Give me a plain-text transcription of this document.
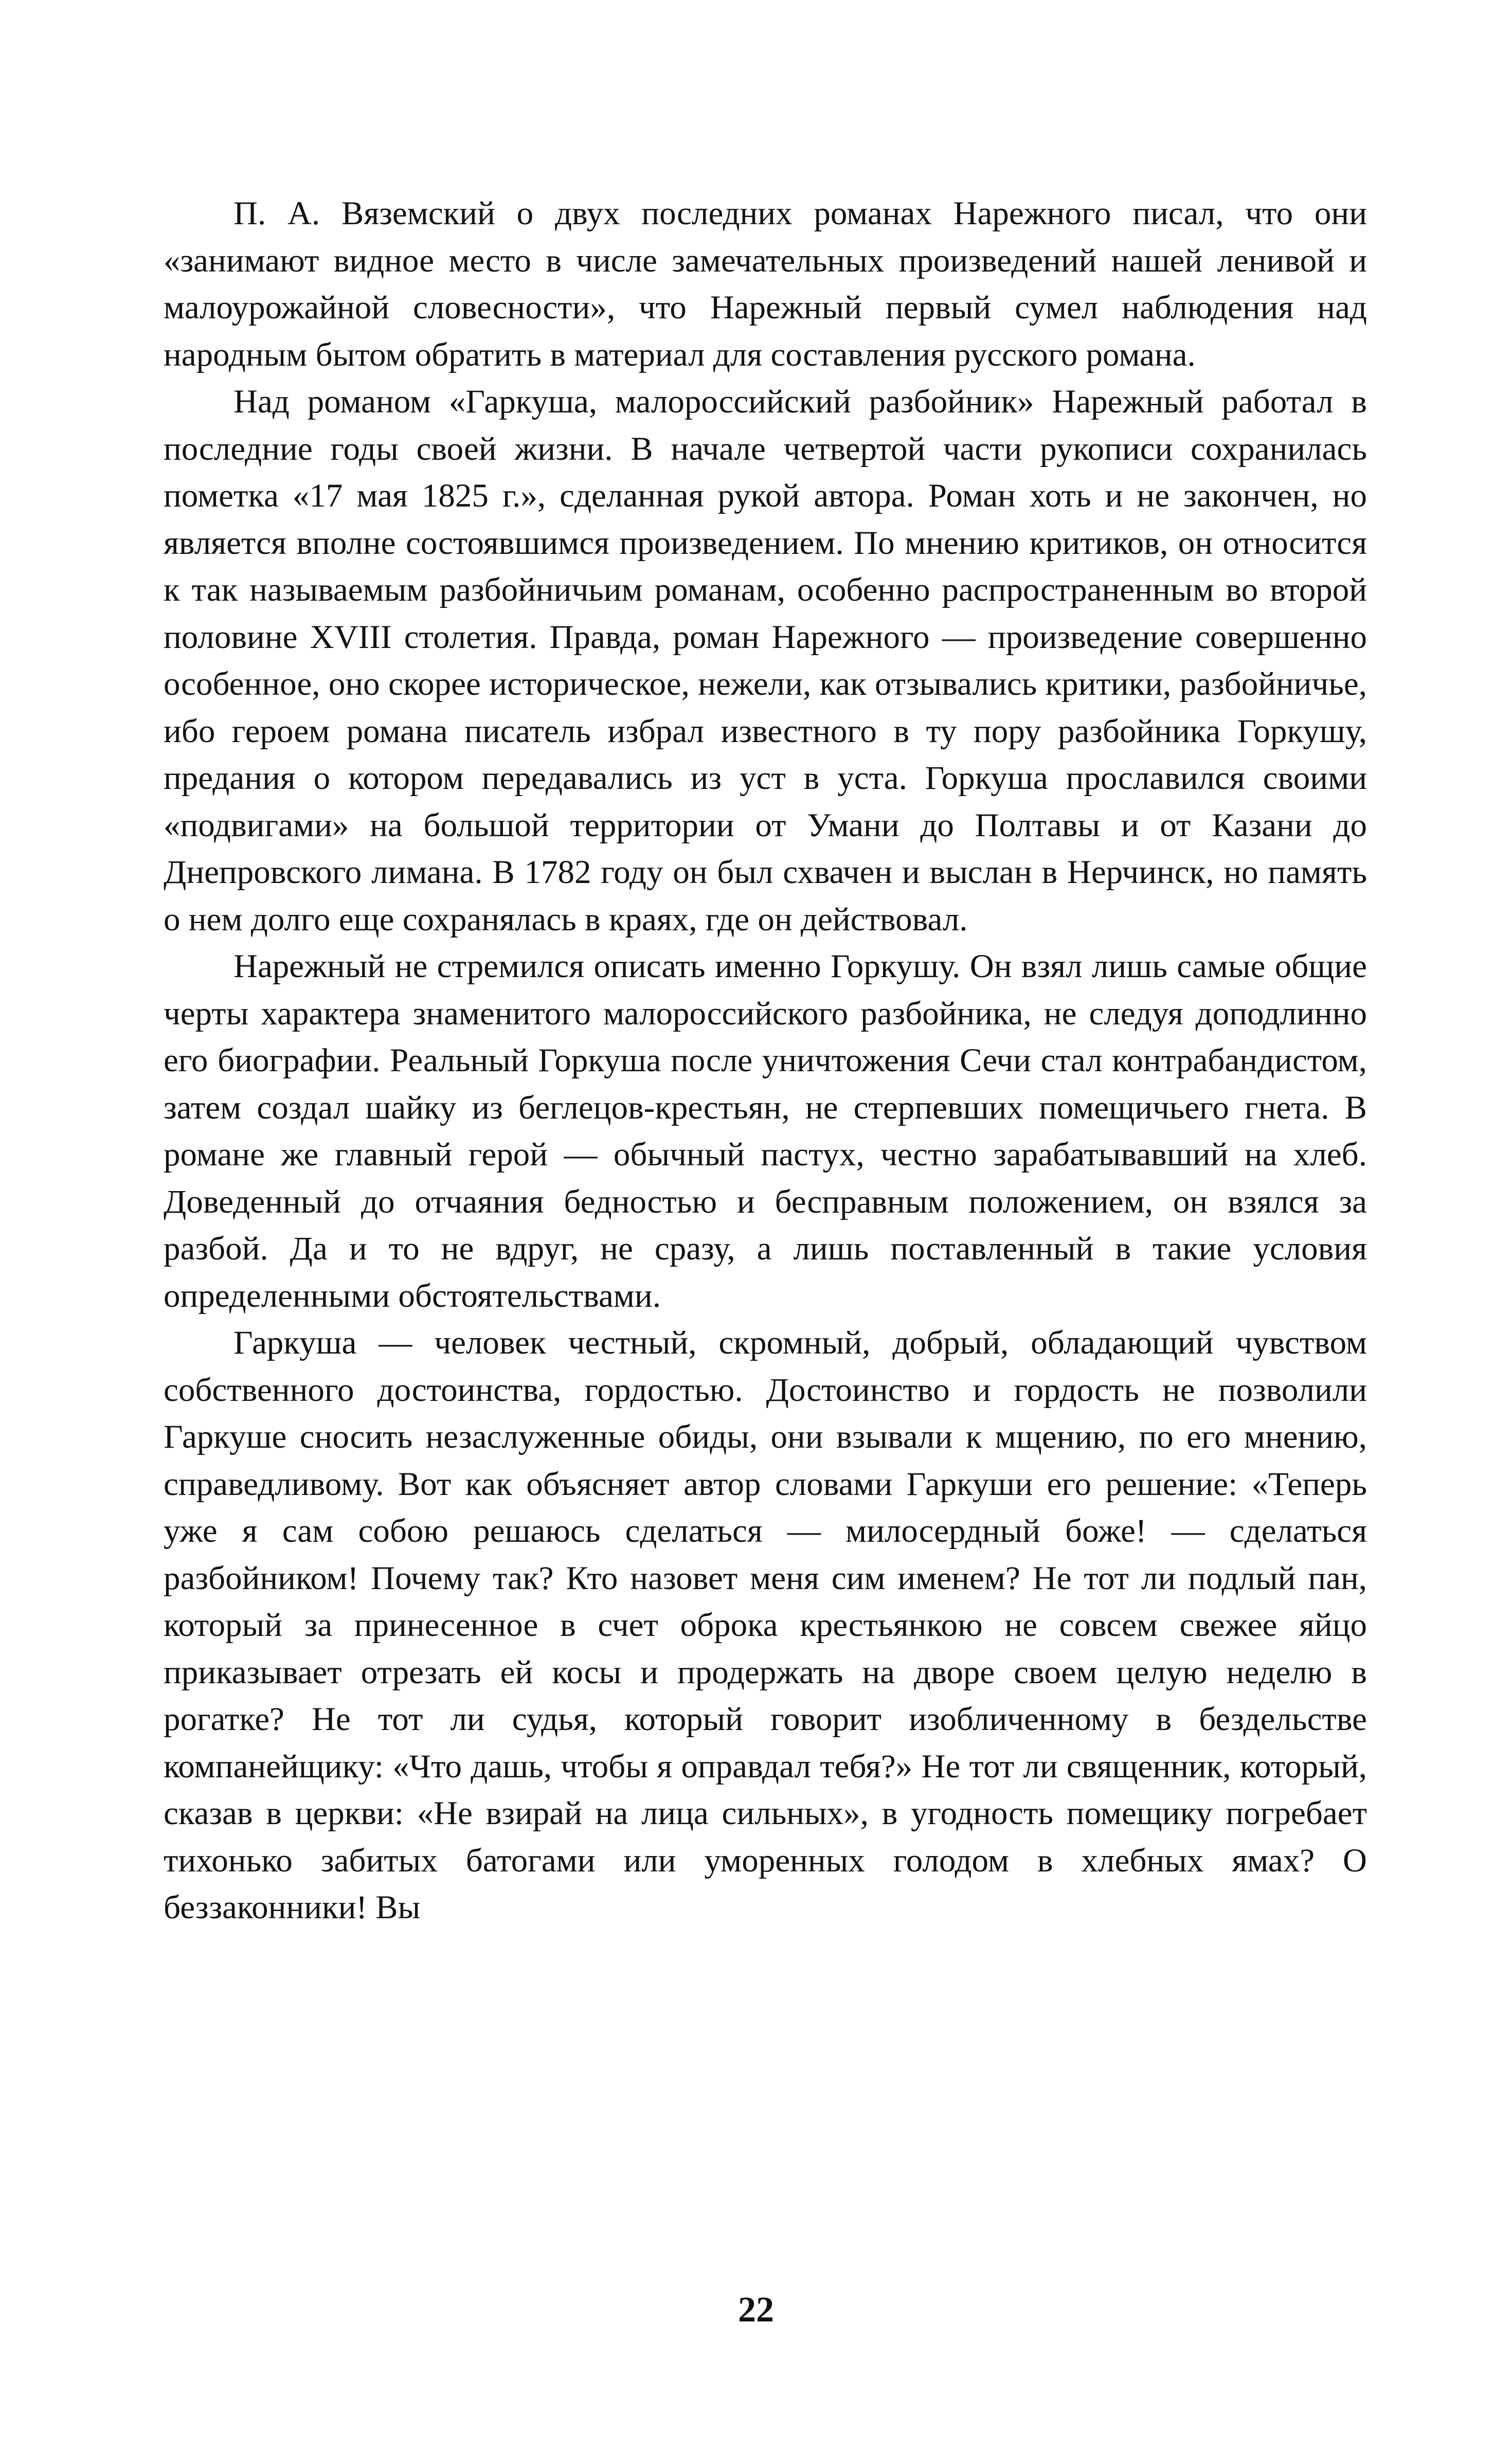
П. А. Вяземский о двух последних романах Нарежного писал, что они «занимают видное место в числе замечательных произведений нашей ленивой и малоурожайной словесности», что Нарежный первый сумел наблюдения над народным бытом обратить в материал для составления русского романа.

Над романом «Гаркуша, малороссийский разбойник» Нарежный работал в последние годы своей жизни. В начале четвертой части рукописи сохранилась пометка «17 мая 1825 г.», сделанная рукой автора. Роман хоть и не закончен, но является вполне состоявшимся произведением. По мнению критиков, он относится к так называемым разбойничьим романам, особенно распространенным во второй половине XVIII столетия. Правда, роман Нарежного — произведение совершенно особенное, оно скорее историческое, нежели, как отзывались критики, разбойничье, ибо героем романа писатель избрал известного в ту пору разбойника Горкушу, предания о котором передавались из уст в уста. Горкуша прославился своими «подвигами» на большой территории от Умани до Полтавы и от Казани до Днепровского лимана. В 1782 году он был схвачен и выслан в Нерчинск, но память о нем долго еще сохранялась в краях, где он действовал.

Нарежный не стремился описать именно Горкушу. Он взял лишь самые общие черты характера знаменитого малороссийского разбойника, не следуя доподлинно его биографии. Реальный Горкуша после уничтожения Сечи стал контрабандистом, затем создал шайку из беглецов-крестьян, не стерпевших помещичьего гнета. В романе же главный герой — обычный пастух, честно зарабатывавший на хлеб. Доведенный до отчаяния бедностью и бесправным положением, он взялся за разбой. Да и то не вдруг, не сразу, а лишь поставленный в такие условия определенными обстоятельствами.

Гаркуша — человек честный, скромный, добрый, обладающий чувством собственного достоинства, гордостью. Достоинство и гордость не позволили Гаркуше сносить незаслуженные обиды, они взывали к мщению, по его мнению, справедливому. Вот как объясняет автор словами Гаркуши его решение: «Теперь уже я сам собою решаюсь сделаться — милосердный боже! — сделаться разбойником! Почему так? Кто назовет меня сим именем? Не тот ли подлый пан, который за принесенное в счет оброка крестьянкою не совсем свежее яйцо приказывает отрезать ей косы и продержать на дворе своем целую неделю в рогатке? Не тот ли судья, который говорит изобличенному в бездельстве компанейщику: «Что дашь, чтобы я оправдал тебя?» Не тот ли священник, который, сказав в церкви: «Не взирай на лица сильных», в угодность помещику погребает тихонько забитых батогами или уморенных голодом в хлебных ямах? О беззаконники! Вы

22
